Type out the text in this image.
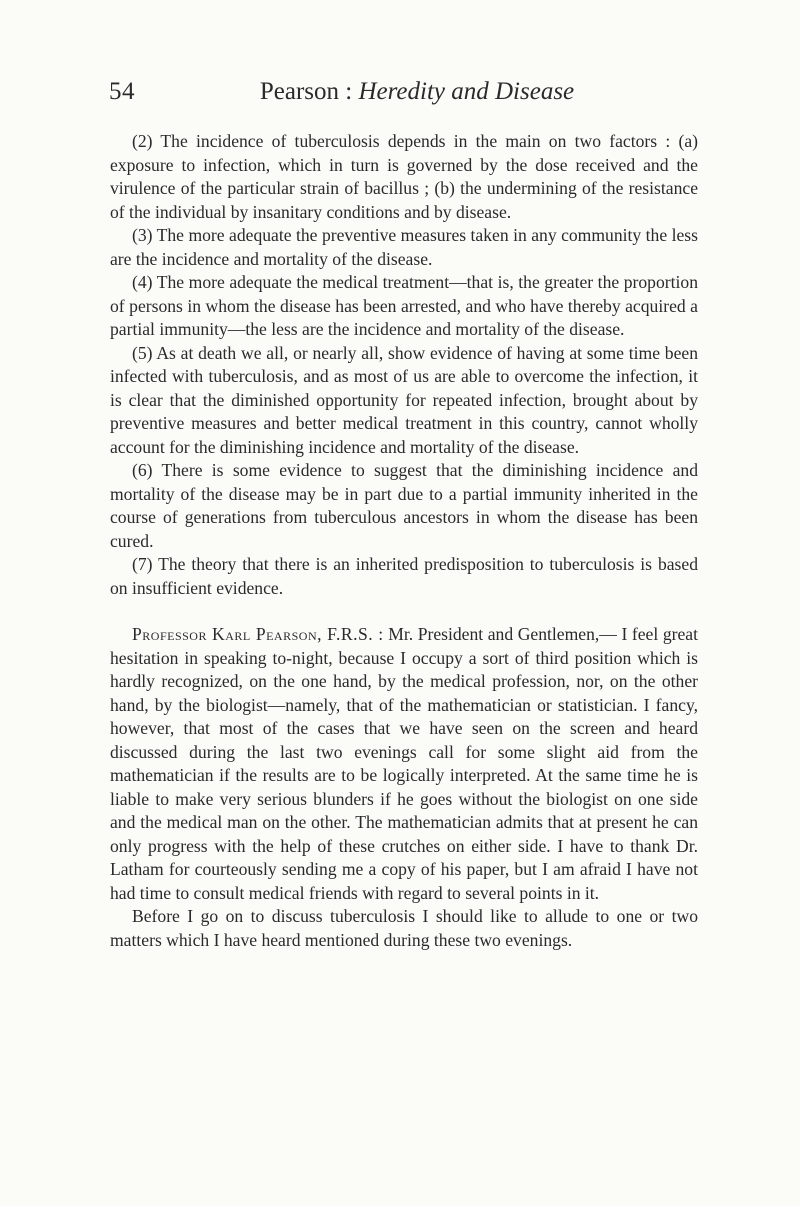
54	Pearson : Heredity and Disease

(2) The incidence of tuberculosis depends in the main on two factors : (a) exposure to infection, which in turn is governed by the dose received and the virulence of the particular strain of bacillus ; (b) the undermining of the resistance of the individual by insanitary conditions and by disease.

(3) The more adequate the preventive measures taken in any community the less are the incidence and mortality of the disease.

(4) The more adequate the medical treatment—that is, the greater the proportion of persons in whom the disease has been arrested, and who have thereby acquired a partial immunity—the less are the incidence and mortality of the disease.

(5) As at death we all, or nearly all, show evidence of having at some time been infected with tuberculosis, and as most of us are able to overcome the infection, it is clear that the diminished opportunity for repeated infection, brought about by preventive measures and better medical treatment in this country, cannot wholly account for the diminishing incidence and mortality of the disease.

(6) There is some evidence to suggest that the diminishing incidence and mortality of the disease may be in part due to a partial immunity inherited in the course of generations from tuberculous ancestors in whom the disease has been cured.

(7) The theory that there is an inherited predisposition to tuberculosis is based on insufficient evidence.

Professor Karl Pearson, F.R.S. : Mr. President and Gentlemen,— I feel great hesitation in speaking to-night, because I occupy a sort of third position which is hardly recognized, on the one hand, by the medical profession, nor, on the other hand, by the biologist—namely, that of the mathematician or statistician. I fancy, however, that most of the cases that we have seen on the screen and heard discussed during the last two evenings call for some slight aid from the mathematician if the results are to be logically interpreted. At the same time he is liable to make very serious blunders if he goes without the biologist on one side and the medical man on the other. The mathematician admits that at present he can only progress with the help of these crutches on either side. I have to thank Dr. Latham for courteously sending me a copy of his paper, but I am afraid I have not had time to consult medical friends with regard to several points in it.

Before I go on to discuss tuberculosis I should like to allude to one or two matters which I have heard mentioned during these two evenings.
